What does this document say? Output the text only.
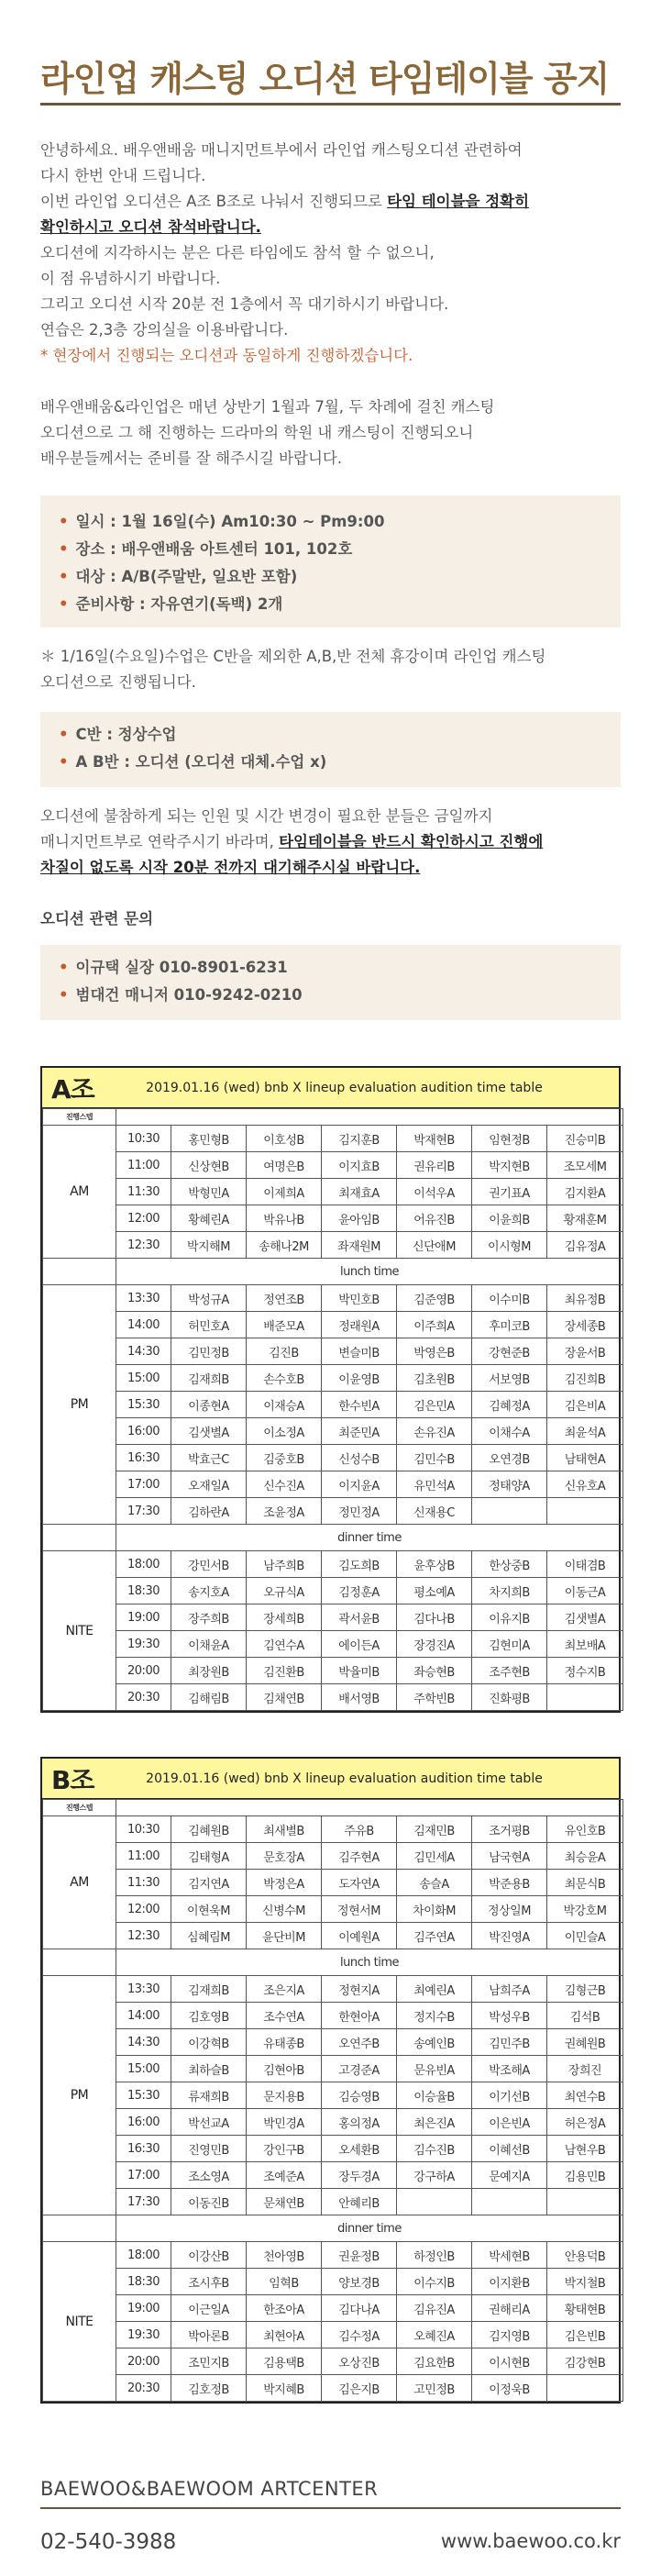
라인업 캐스팅 오디션 타임테이블 공지

안녕하세요. 배우앤배움 매니지먼트부에서 라인업 캐스팅오디션 관련하여

다시 한번 안내 드립니다.

이번 라인업 오디션은 A조 B조로 나눠서 진행되므로 타임 테이블을 정확히

확인하시고 오디션 참석바랍니다.

오디션에 지각하시는 분은 다른 타임에도 참석 할 수 없으니,

이 점 유념하시기 바랍니다.

그리고 오디션 시작 20분 전 1층에서 꼭 대기하시기 바랍니다.

연습은 2,3층 강의실을 이용바랍니다.

* 현장에서 진행되는 오디션과 동일하게 진행하겠습니다.

배우앤배움&라인업은 매년 상반기 1월과 7월, 두 차례에 걸친 캐스팅

오디션으로 그 해 진행하는 드라마의 학원 내 캐스팅이 진행되오니

배우분들께서는 준비를 잘 해주시길 바랍니다.

• 일시 : 1월 16일(수) Am10:30 ~ Pm9:00

• 장소 : 배우앤배움 아트센터 101, 102호

• 대상 : A/B(주말반, 일요반 포함)

• 준비사항 : 자유연기(독백) 2개

＊ 1/16일(수요일)수업은 C반을 제외한 A,B,반 전체 휴강이며 라인업 캐스팅

오디션으로 진행됩니다.

• C반 : 정상수업

• A B반 : 오디션 (오디션 대체.수업 x)

오디션에 불참하게 되는 인원 및 시간 변경이 필요한 분들은 금일까지

매니지먼트부로 연락주시기 바라며, 타임테이블을 반드시 확인하시고 진행에

차질이 없도록 시작 20분 전까지 대기해주시실 바랍니다.

오디션 관련 문의

• 이규택 실장 010-8901-6231

• 범대건 매니저 010-9242-0210

A조	2019.01.16 (wed) bnb X lineup evaluation audition time table
진행스텝							
AM	10:30	홍민형B	이호성B	김지훈B	박재현B	임현정B	진승미B
	11:00	신상현B	여명은B	이지효B	권유리B	박지현B	조모세M
	11:30	박형민A	이제희A	최재효A	이석우A	권기표A	김지환A
	12:00	황혜린A	박유나B	윤아임B	어유진B	이윤희B	황재훈M
	12:30	박지해M	송해나2M	좌재원M	신단애M	이시형M	김유정A
	lunch time						
PM	13:30	박성규A	정연조B	박민호B	김준영B	이수미B	최유정B
	14:00	허민호A	배준모A	정래원A	이주희A	후미코B	장세종B
	14:30	김민정B	김진B	변슬미B	박영은B	강현준B	장윤서B
	15:00	김재희B	손수호B	이윤영B	김초원B	서보영B	김진희B
	15:30	이종현A	이재승A	한수빈A	김은민A	김혜정A	김은비A
	16:00	김샛별A	이소정A	최준민A	손유진A	이채수A	최윤석A
	16:30	박효근C	김중호B	신성수B	김민수B	오연경B	남태현A
	17:00	오재일A	신수진A	이지윤A	유민석A	정태양A	신유호A
	17:30	김하란A	조윤정A	정민정A	신재용C		
	dinner time						
NITE	18:00	강민서B	남주희B	김도희B	윤후상B	한상중B	이태겸B
	18:30	송지호A	오규식A	김정훈A	평소예A	차지희B	이동근A
	19:00	장주희B	장세희B	곽서윤B	김다나B	이유지B	김샛별A
	19:30	이채윤A	김연수A	에이든A	장경진A	김현미A	최보배A
	20:00	최장원B	김진환B	박율미B	좌승현B	조주현B	정수지B
	20:30	김해림B	김채연B	배서영B	주학빈B	진화평B	
B조	2019.01.16 (wed) bnb X lineup evaluation audition time table
진행스텝							
AM	10:30	김혜원B	최새별B	주유B	김재민B	조거평B	유인호B
	11:00	김태형A	문호장A	김주현A	김민세A	남국현A	최승윤A
	11:30	김지연A	박정은A	도자연A	송슬A	박준용B	최문식B
	12:00	이현욱M	신병수M	정현서M	차이화M	정상일M	박강호M
	12:30	심혜림M	윤단비M	이예원A	김주연A	박진영A	이민슬A
	lunch time						
PM	13:30	김재희B	조은지A	정현지A	최예린A	남희주A	김형근B
	14:00	김호영B	조수연A	한현아A	정지수B	박성우B	김석B
	14:30	이강혁B	유태종B	오연주B	송예인B	김민주B	권혜원B
	15:00	최하슬B	김현아B	고경준A	문유빈A	박조해A	장희진
	15:30	류재희B	문지용B	김승영B	이승율B	이기선B	최연수B
	16:00	박선교A	박민경A	홍의정A	최은진A	이은빈A	허은정A
	16:30	진영민B	강인구B	오세환B	김수진B	이혜선B	남현우B
	17:00	조소영A	조예준A	장두경A	강구하A	문예지A	김용민B
	17:30	이동진B	문채연B	안혜리B			
	dinner time						
NITE	18:00	이강산B	천아영B	권윤정B	하정인B	박세현B	안용덕B
	18:30	조시후B	임혁B	양보경B	이수지B	이지환B	박지철B
	19:00	이근일A	한조아A	김다나A	김유진A	권해리A	황태현B
	19:30	박아론B	최현아A	김수정A	오혜진A	김지영B	김은빈B
	20:00	조민지B	김용택B	오상진B	김요한B	이시현B	김강현B
	20:30	김호정B	박지혜B	김은지B	고민정B	이정욱B	
BAEWOO&BAEWOOM ARTCENTER
02-540-3988	www.baewoo.co.kr
